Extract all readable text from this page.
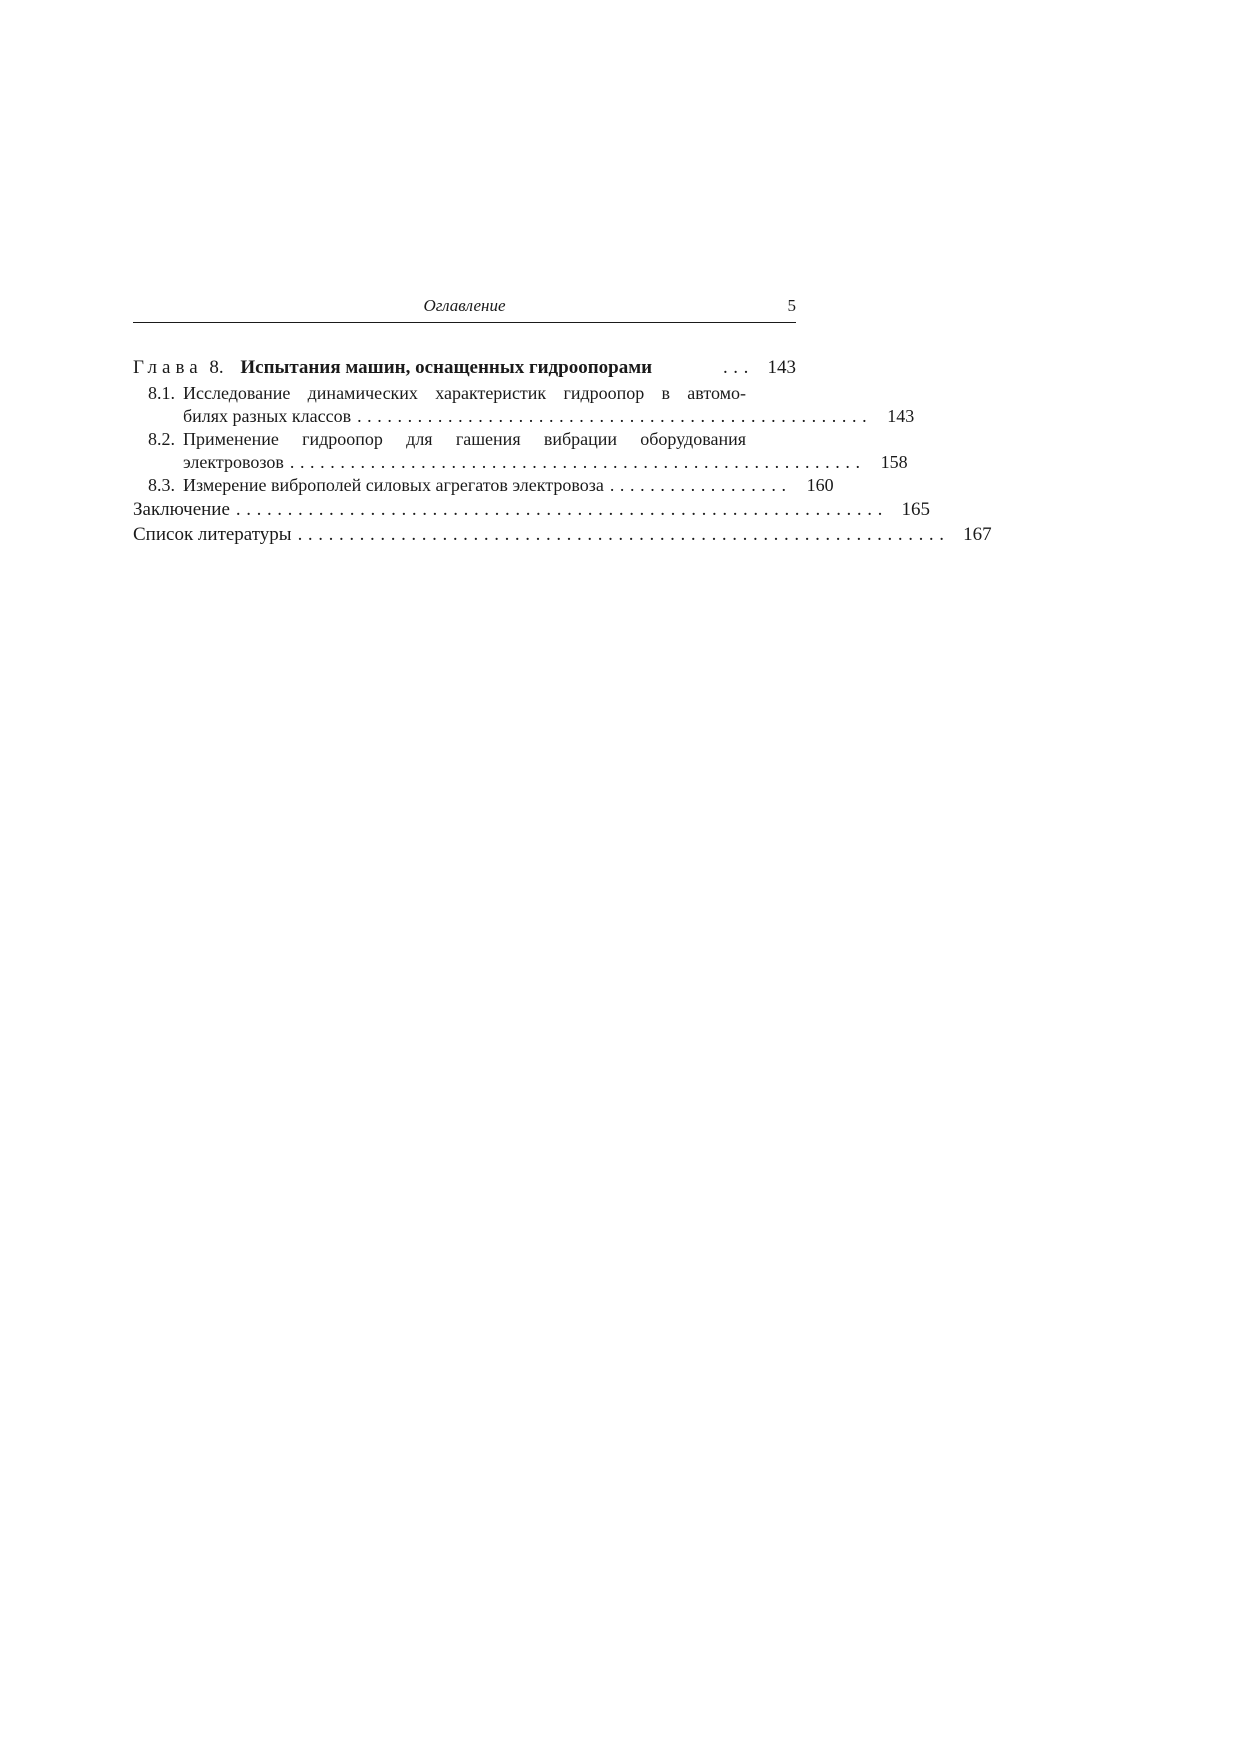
Оглавление	5
Глава 8. Испытания машин, оснащенных гидроопорами	... 143
8.1. Исследование динамических характеристик гидроопор в автомо-
билях разных классов ................................................... 143
8.2. Применение гидроопор для гашения вибрации оборудования
электровозов ......................................................... 158
8.3. Измерение виброполей силовых агрегатов электровоза .................. 160
Заключение ............................................................... 165
Список литературы ............................................................... 167
